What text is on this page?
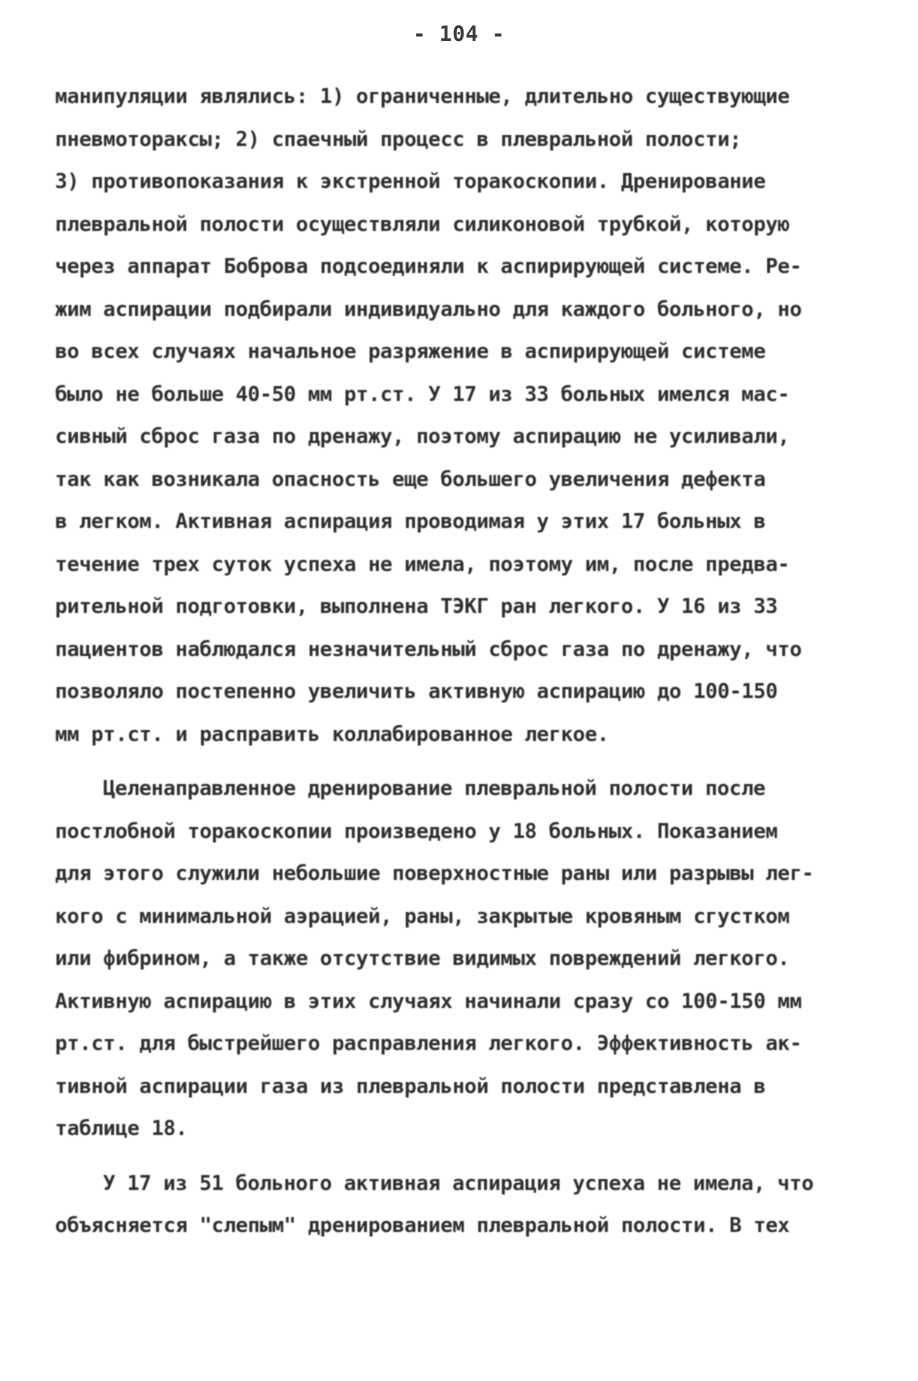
- 104 -
манипуляции являлись: 1) ограниченные, длительно существующие
пневмотораксы; 2) спаечный процесс в плевральной полости;
3) противопоказания к экстренной торакоскопии. Дренирование
плевральной полости осуществляли силиконовой трубкой, которую
через аппарат Боброва подсоединяли к аспирирующей системе. Ре-
жим аспирации подбирали индивидуально для каждого больного, но
во всех случаях начальное разряжение в аспирирующей системе
было не больше 40-50 мм рт.ст. У 17 из 33 больных имелся мас-
сивный сброс газа по дренажу, поэтому аспирацию не усиливали,
так как возникала опасность еще большего увеличения дефекта
в легком. Активная аспирация проводимая у этих 17 больных в
течение трех суток успеха не имела, поэтому им, после предва-
рительной подготовки, выполнена ТЭКГ ран легкого. У 16 из 33
пациентов наблюдался незначительный сброс газа по дренажу, что
позволяло постепенно увеличить активную аспирацию до 100-150
мм рт.ст. и расправить коллабированное легкое.
Целенаправленное дренирование плевральной полости после
постлобной торакоскопии произведено у 18 больных. Показанием
для этого служили небольшие поверхностные раны или разрывы лег-
кого с минимальной аэрацией, раны, закрытые кровяным сгустком
или фибрином, а также отсутствие видимых повреждений легкого.
Активную аспирацию в этих случаях начинали сразу со 100-150 мм
рт.ст. для быстрейшего расправления легкого. Эффективность ак-
тивной аспирации газа из плевральной полости представлена в
таблице 18.
У 17 из 51 больного активная аспирация успеха не имела, что
объясняется "слепым" дренированием плевральной полости. В тех
